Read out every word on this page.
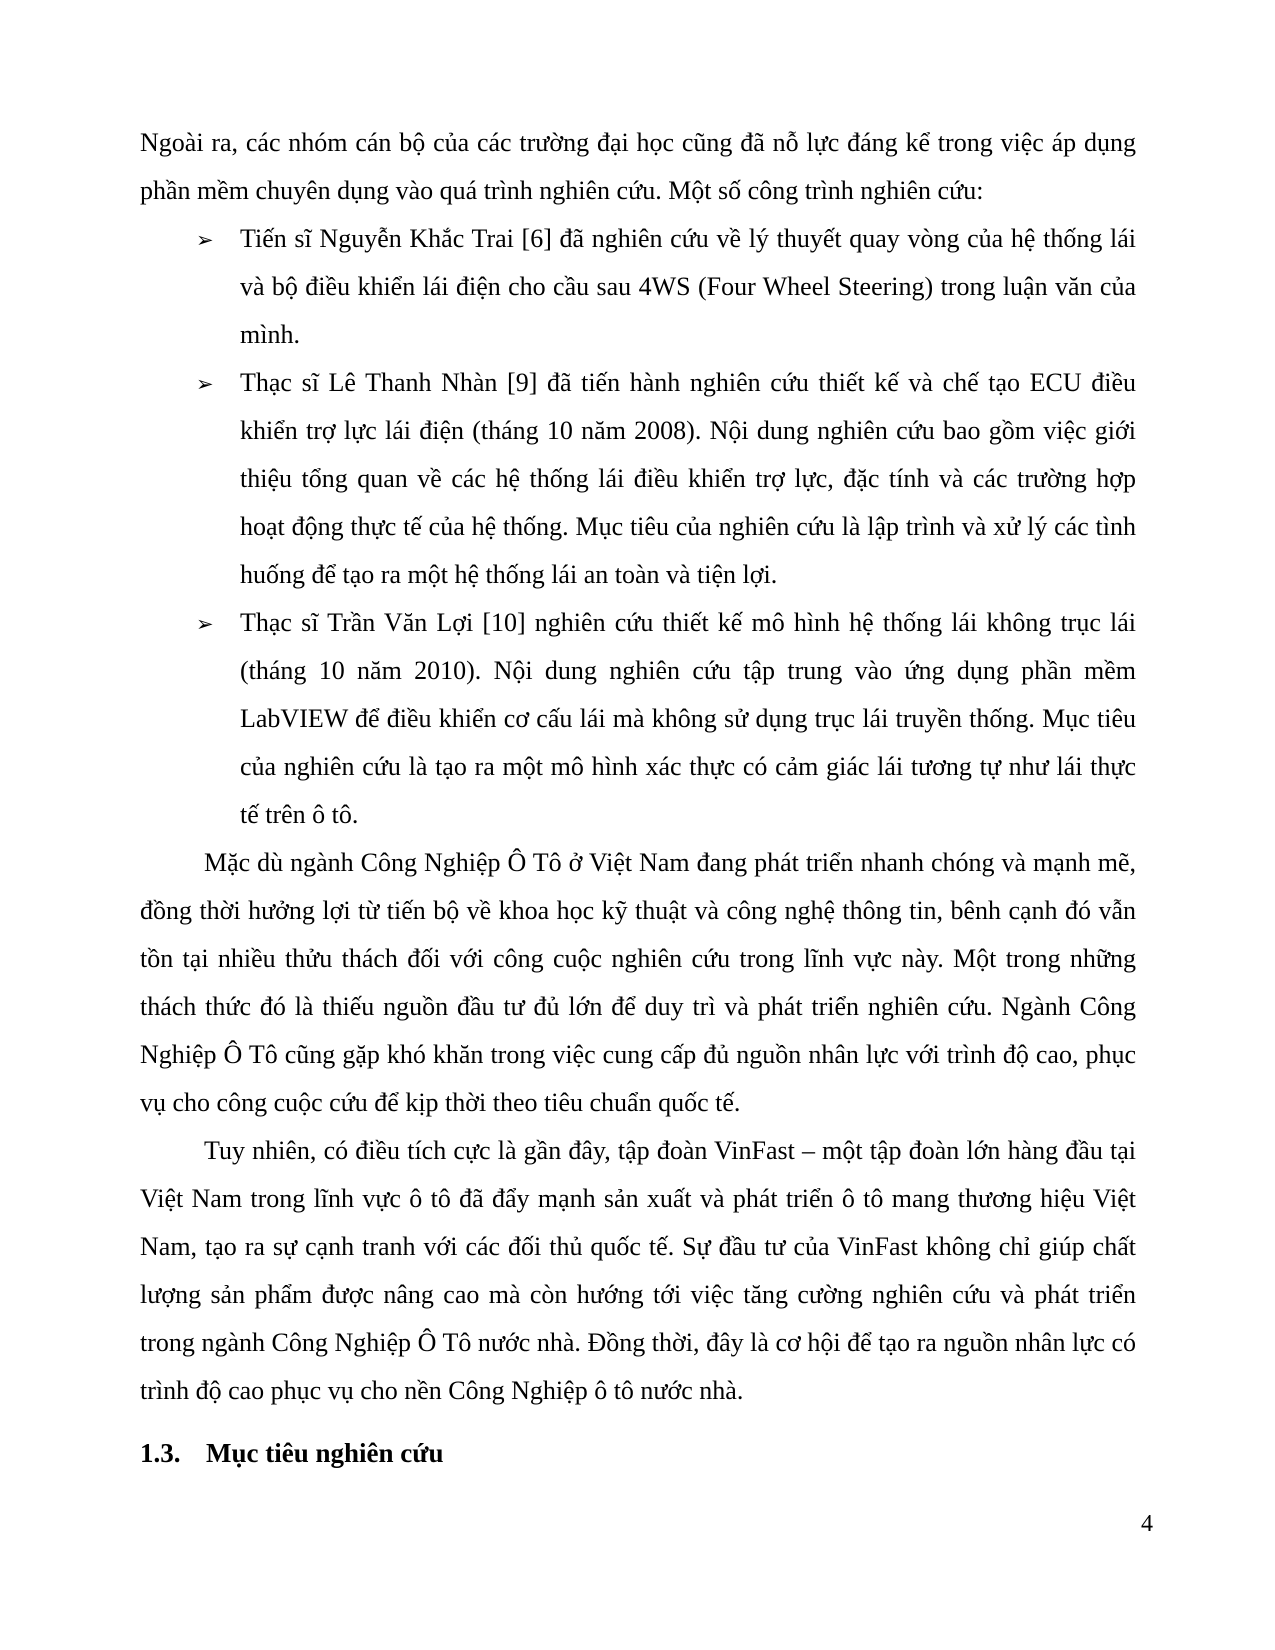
Ngoài ra, các nhóm cán bộ của các trường đại học cũng đã nỗ lực đáng kể trong việc áp dụng phần mềm chuyên dụng vào quá trình nghiên cứu. Một số công trình nghiên cứu:

➢ Tiến sĩ Nguyễn Khắc Trai [6] đã nghiên cứu về lý thuyết quay vòng của hệ thống lái và bộ điều khiển lái điện cho cầu sau 4WS (Four Wheel Steering) trong luận văn của mình.

➢ Thạc sĩ Lê Thanh Nhàn [9] đã tiến hành nghiên cứu thiết kế và chế tạo ECU điều khiển trợ lực lái điện (tháng 10 năm 2008). Nội dung nghiên cứu bao gồm việc giới thiệu tổng quan về các hệ thống lái điều khiển trợ lực, đặc tính và các trường hợp hoạt động thực tế của hệ thống. Mục tiêu của nghiên cứu là lập trình và xử lý các tình huống để tạo ra một hệ thống lái an toàn và tiện lợi.

➢ Thạc sĩ Trần Văn Lợi [10] nghiên cứu thiết kế mô hình hệ thống lái không trục lái (tháng 10 năm 2010). Nội dung nghiên cứu tập trung vào ứng dụng phần mềm LabVIEW để điều khiển cơ cấu lái mà không sử dụng trục lái truyền thống. Mục tiêu của nghiên cứu là tạo ra một mô hình xác thực có cảm giác lái tương tự như lái thực tế trên ô tô.

Mặc dù ngành Công Nghiệp Ô Tô ở Việt Nam đang phát triển nhanh chóng và mạnh mẽ, đồng thời hưởng lợi từ tiến bộ về khoa học kỹ thuật và công nghệ thông tin, bênh cạnh đó vẫn tồn tại nhiều thửu thách đối với công cuộc nghiên cứu trong lĩnh vực này. Một trong những thách thức đó là thiếu nguồn đầu tư đủ lớn để duy trì và phát triển nghiên cứu. Ngành Công Nghiệp Ô Tô cũng gặp khó khăn trong việc cung cấp đủ nguồn nhân lực với trình độ cao, phục vụ cho công cuộc cứu để kịp thời theo tiêu chuẩn quốc tế.

Tuy nhiên, có điều tích cực là gần đây, tập đoàn VinFast – một tập đoàn lớn hàng đầu tại Việt Nam trong lĩnh vực ô tô đã đẩy mạnh sản xuất và phát triển ô tô mang thương hiệu Việt Nam, tạo ra sự cạnh tranh với các đối thủ quốc tế. Sự đầu tư của VinFast không chỉ giúp chất lượng sản phẩm được nâng cao mà còn hướng tới việc tăng cường nghiên cứu và phát triển trong ngành Công Nghiệp Ô Tô nước nhà. Đồng thời, đây là cơ hội để tạo ra nguồn nhân lực có trình độ cao phục vụ cho nền Công Nghiệp ô tô nước nhà.

1.3. Mục tiêu nghiên cứu
4
